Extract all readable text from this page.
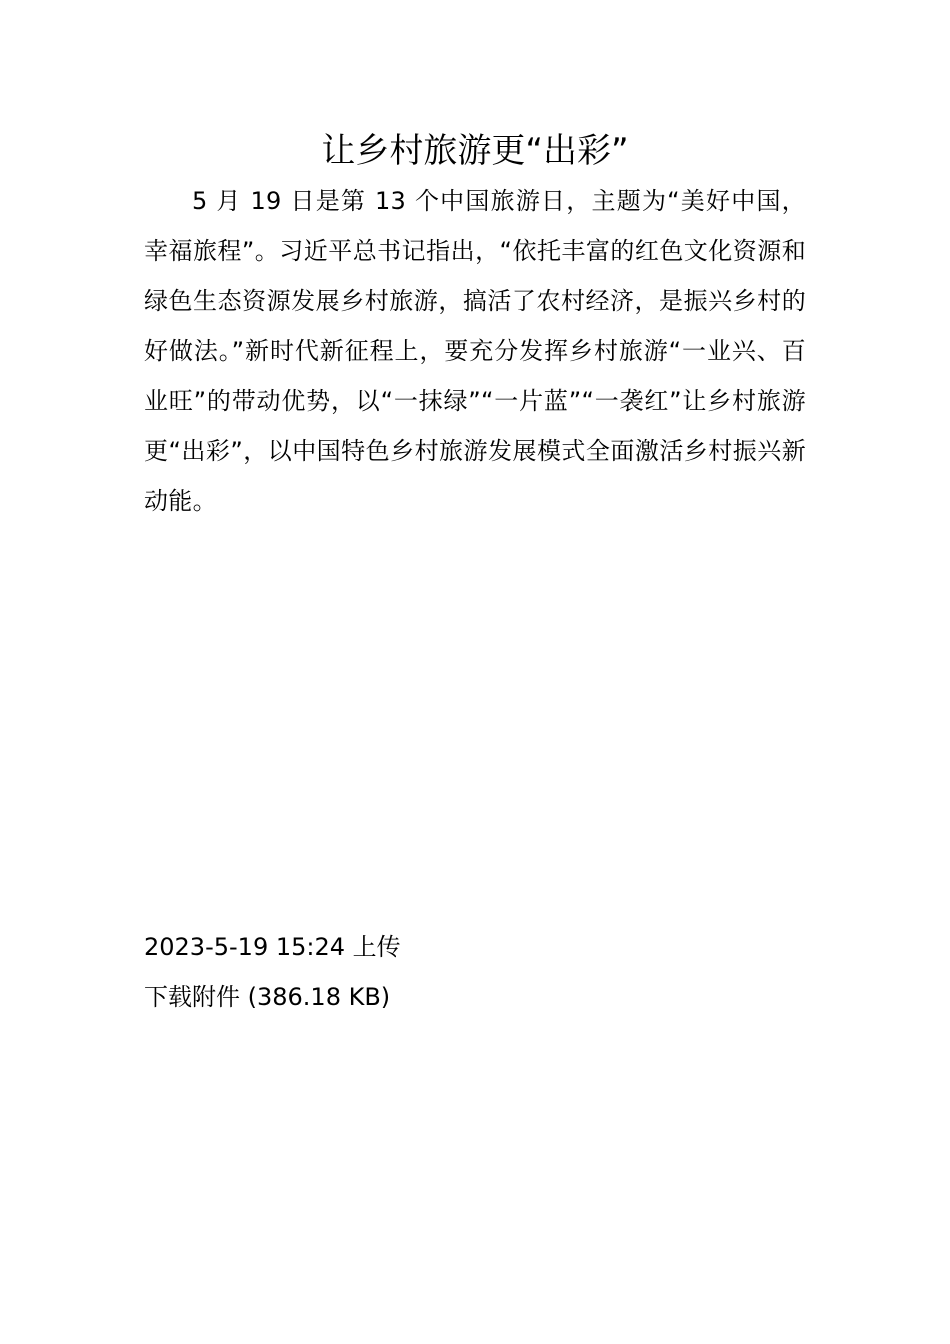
让乡村旅游更“出彩”

5 月 19 日是第 13 个中国旅游日，主题为“美好中国，幸福旅程”。习近平总书记指出，“依托丰富的红色文化资源和绿色生态资源发展乡村旅游，搞活了农村经济，是振兴乡村的好做法。”新时代新征程上，要充分发挥乡村旅游“一业兴、百业旺”的带动优势，以“一抹绿”“一片蓝”“一袭红”让乡村旅游更“出彩”，以中国特色乡村旅游发展模式全面激活乡村振兴新动能。

2023-5-19 15:24 上传

下载附件 (386.18 KB)
